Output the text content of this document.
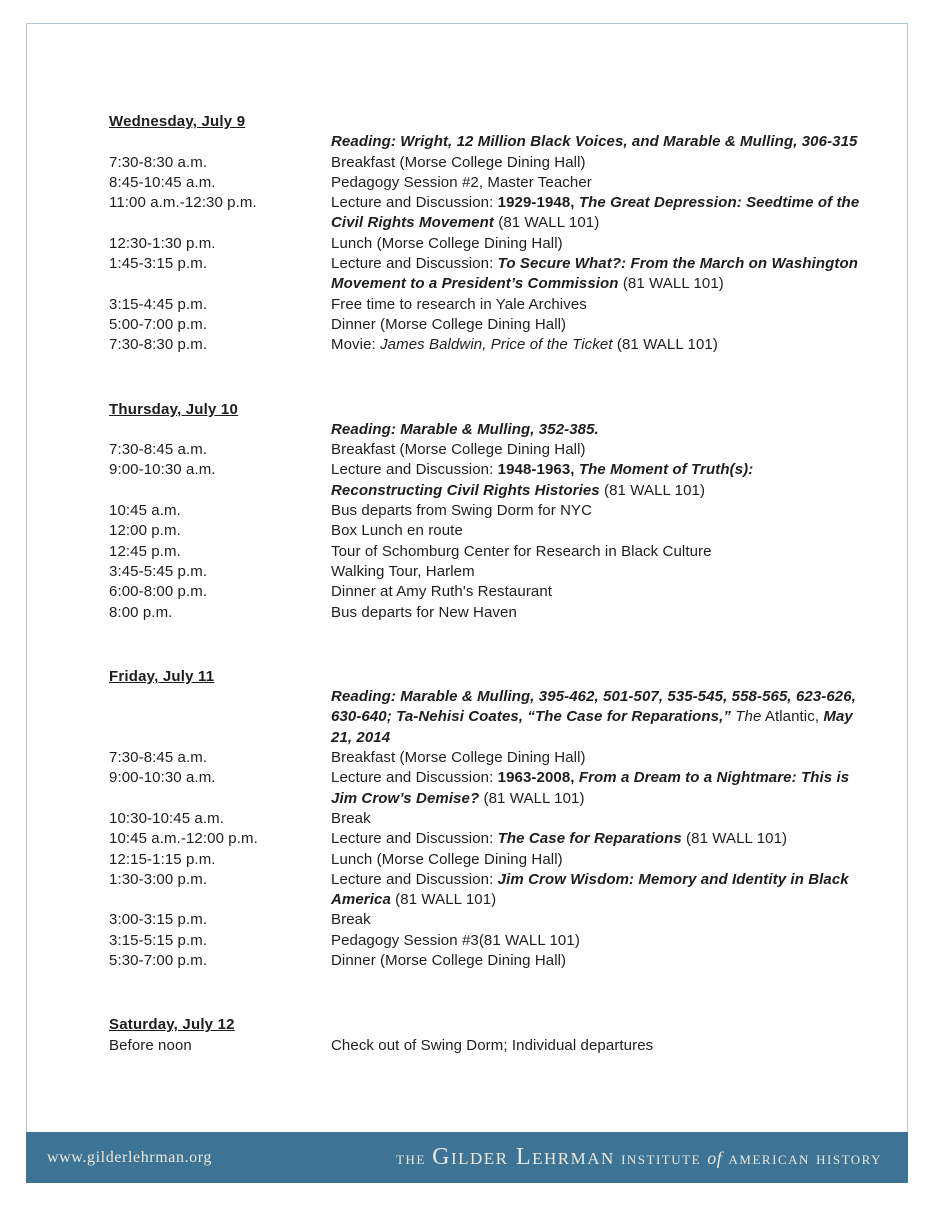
Wednesday, July 9
Reading: Wright, 12 Million Black Voices, and Marable & Mulling, 306-315
7:30-8:30 a.m.	Breakfast (Morse College Dining Hall)
8:45-10:45 a.m.	Pedagogy Session #2, Master Teacher
11:00 a.m.-12:30 p.m.	Lecture and Discussion: 1929-1948, The Great Depression: Seedtime of the Civil Rights Movement (81 WALL 101)
12:30-1:30 p.m.	Lunch (Morse College Dining Hall)
1:45-3:15 p.m.	Lecture and Discussion: To Secure What?: From the March on Washington Movement to a President’s Commission (81 WALL 101)
3:15-4:45 p.m.	Free time to research in Yale Archives
5:00-7:00 p.m.	Dinner (Morse College Dining Hall)
7:30-8:30 p.m.	Movie: James Baldwin, Price of the Ticket (81 WALL 101)
Thursday, July 10
Reading: Marable & Mulling, 352-385.
7:30-8:45 a.m.	Breakfast (Morse College Dining Hall)
9:00-10:30 a.m.	Lecture and Discussion: 1948-1963, The Moment of Truth(s): Reconstructing Civil Rights Histories (81 WALL 101)
10:45 a.m.	Bus departs from Swing Dorm for NYC
12:00 p.m.	Box Lunch en route
12:45 p.m.	Tour of Schomburg Center for Research in Black Culture
3:45-5:45 p.m.	Walking Tour, Harlem
6:00-8:00 p.m.	Dinner at Amy Ruth's Restaurant
8:00 p.m.	Bus departs for New Haven
Friday, July 11
Reading: Marable & Mulling, 395-462, 501-507, 535-545, 558-565, 623-626, 630-640; Ta-Nehisi Coates, “The Case for Reparations,” The Atlantic, May 21, 2014
7:30-8:45 a.m.	Breakfast (Morse College Dining Hall)
9:00-10:30 a.m.	Lecture and Discussion: 1963-2008, From a Dream to a Nightmare: This is Jim Crow’s Demise? (81 WALL 101)
10:30-10:45 a.m.	Break
10:45 a.m.-12:00 p.m.	Lecture and Discussion: The Case for Reparations (81 WALL 101)
12:15-1:15 p.m.	Lunch (Morse College Dining Hall)
1:30-3:00 p.m.	Lecture and Discussion: Jim Crow Wisdom: Memory and Identity in Black America (81 WALL 101)
3:00-3:15 p.m.	Break
3:15-5:15 p.m.	Pedagogy Session #3(81 WALL 101)
5:30-7:00 p.m.	Dinner (Morse College Dining Hall)
Saturday, July 12
Before noon	Check out of Swing Dorm; Individual departures
www.gilderlehrman.org	the Gilder Lehrman institute of american history
